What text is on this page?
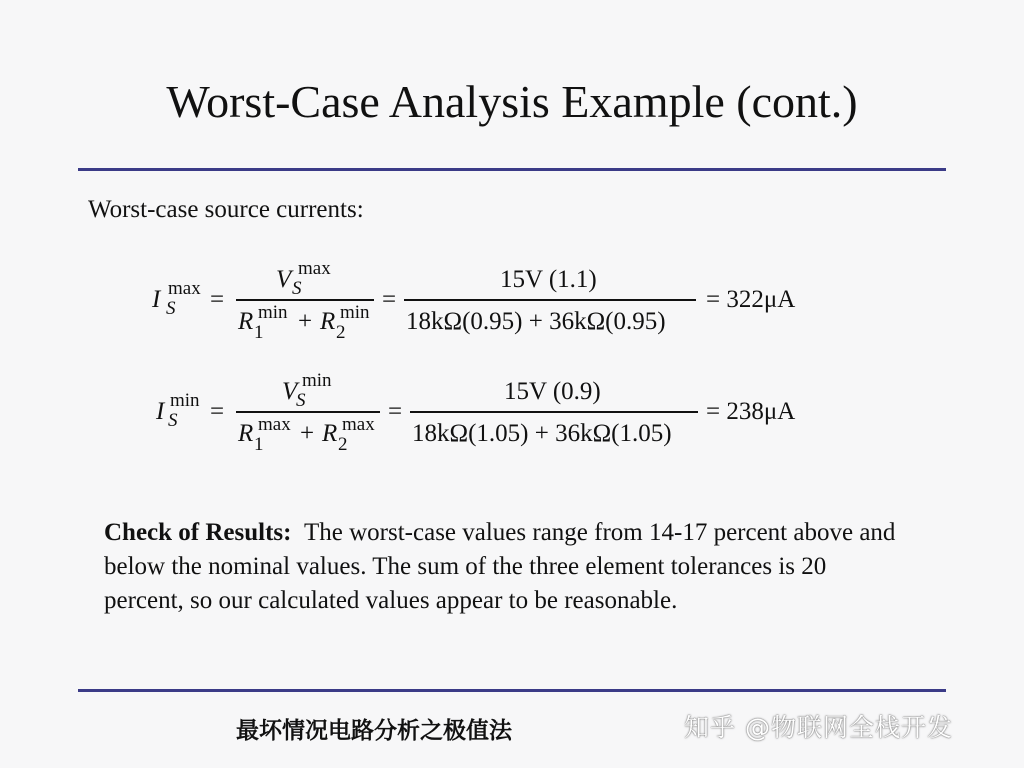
Worst-Case Analysis Example (cont.)
Worst-case source currents:
I max
S =
V max
S
R min
1 + R min
2
=
15V (1.1)
18kΩ(0.95) + 36kΩ(0.95)
= 322μA
I min
S =
V min
S
R max
1 + R max
2
=
15V (0.9)
18kΩ(1.05) + 36kΩ(1.05)
= 238μA
Check of Results: The worst-case values range from 14-17 percent above and below the nominal values. The sum of the three element tolerances is 20 percent, so our calculated values appear to be reasonable.
最坏情况电路分析之极值法	知乎 @物联网全栈开发
